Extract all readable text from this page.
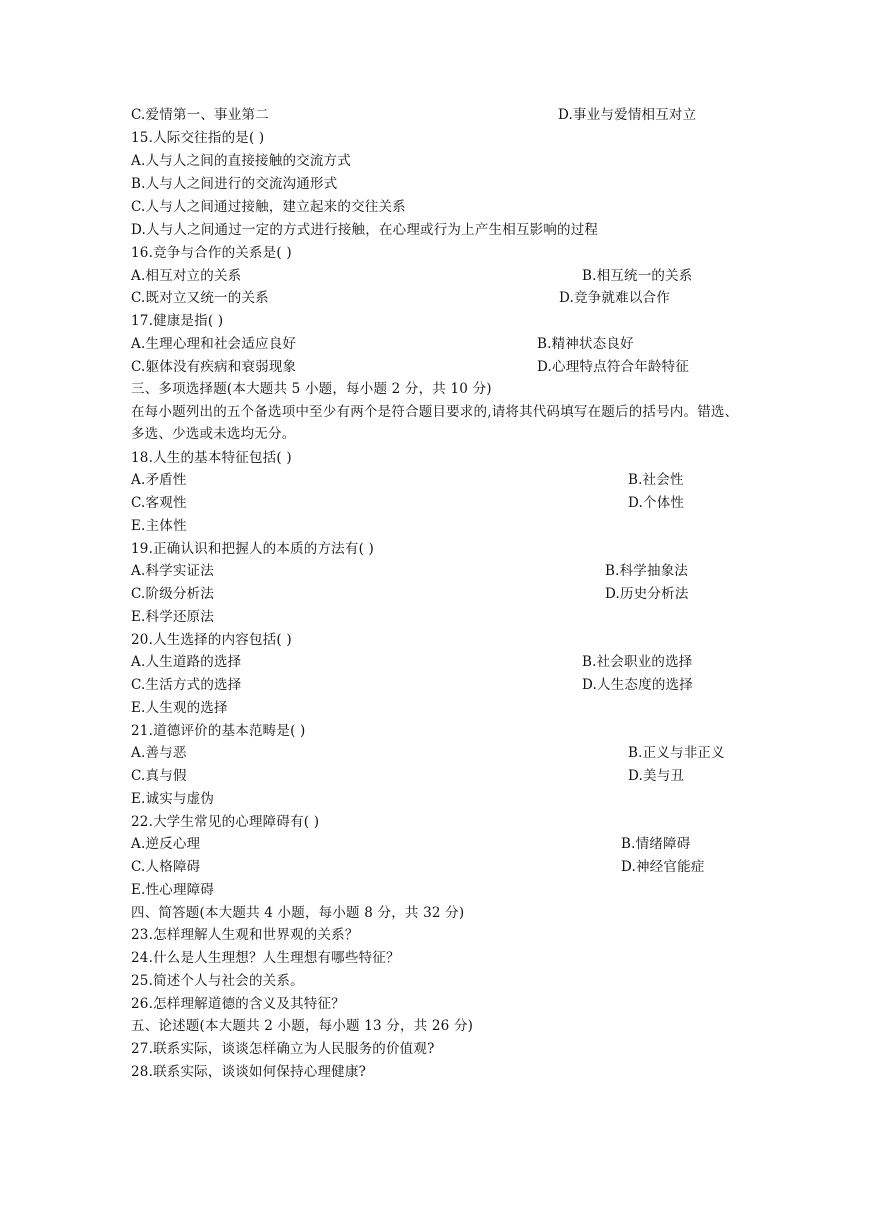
C.爱情第一、事业第二	D.事业与爱情相互对立
15.人际交往指的是( )
A.人与人之间的直接接触的交流方式
B.人与人之间进行的交流沟通形式
C.人与人之间通过接触，建立起来的交往关系
D.人与人之间通过一定的方式进行接触，在心理或行为上产生相互影响的过程
16.竞争与合作的关系是( )
A.相互对立的关系	B.相互统一的关系
C.既对立又统一的关系	D.竞争就难以合作
17.健康是指( )
A.生理心理和社会适应良好	B.精神状态良好
C.躯体没有疾病和衰弱现象	D.心理特点符合年龄特征
三、多项选择题(本大题共 5 小题，每小题 2 分，共 10 分)
在每小题列出的五个备选项中至少有两个是符合题目要求的,请将其代码填写在题后的括号内。错选、多选、少选或未选均无分。
18.人生的基本特征包括( )
A.矛盾性	B.社会性
C.客观性	D.个体性
E.主体性
19.正确认识和把握人的本质的方法有( )
A.科学实证法	B.科学抽象法
C.阶级分析法	D.历史分析法
E.科学还原法
20.人生选择的内容包括( )
A.人生道路的选择	B.社会职业的选择
C.生活方式的选择	D.人生态度的选择
E.人生观的选择
21.道德评价的基本范畴是( )
A.善与恶	B.正义与非正义
C.真与假	D.美与丑
E.诚实与虚伪
22.大学生常见的心理障碍有( )
A.逆反心理	B.情绪障碍
C.人格障碍	D.神经官能症
E.性心理障碍
四、简答题(本大题共 4 小题，每小题 8 分，共 32 分)
23.怎样理解人生观和世界观的关系？
24.什么是人生理想？人生理想有哪些特征？
25.简述个人与社会的关系。
26.怎样理解道德的含义及其特征？
五、论述题(本大题共 2 小题，每小题 13 分，共 26 分)
27.联系实际，谈谈怎样确立为人民服务的价值观?
28.联系实际，谈谈如何保持心理健康?
